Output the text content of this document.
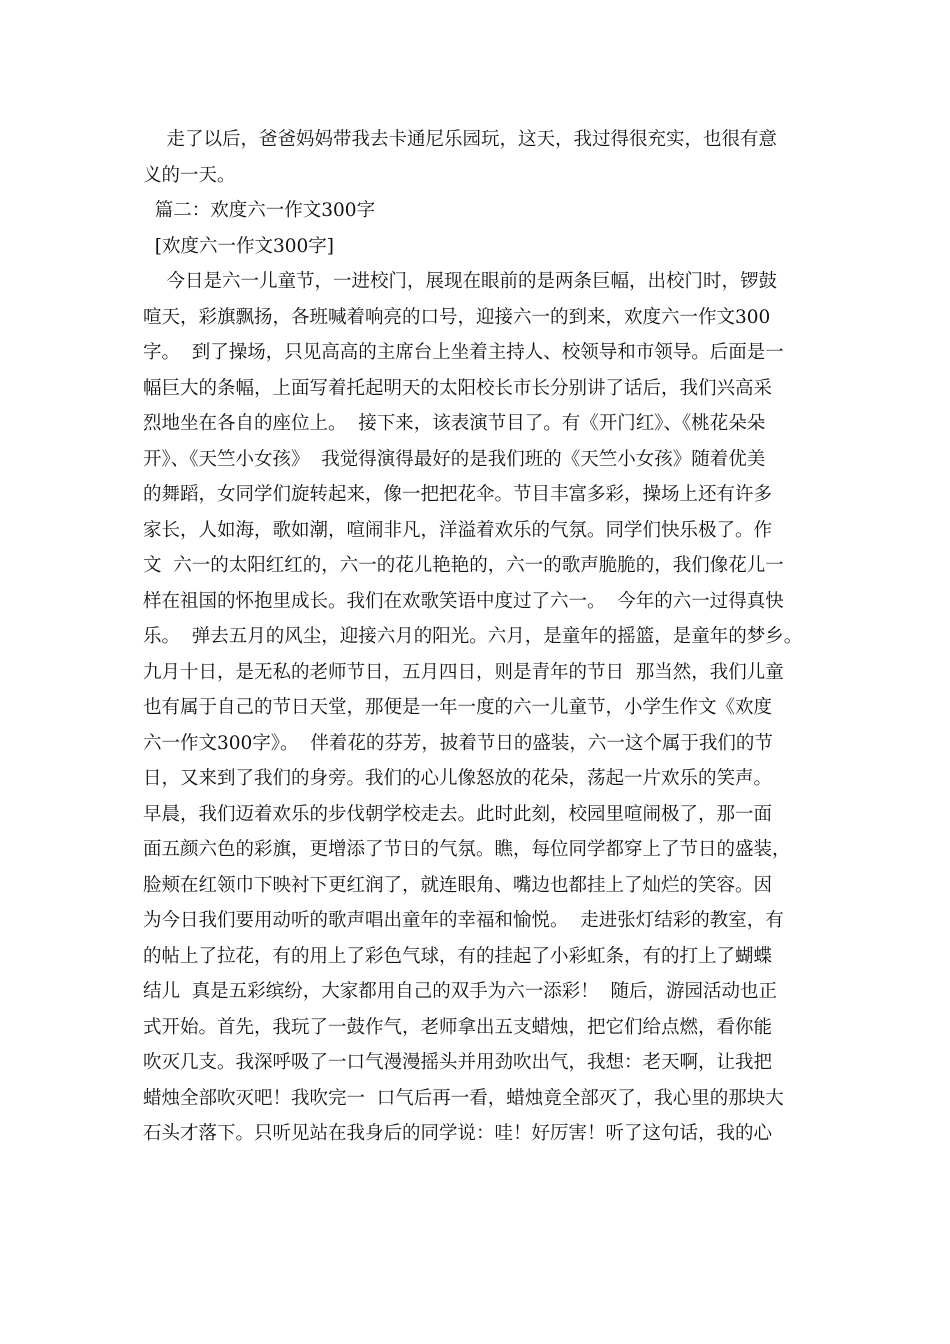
走了以后，爸爸妈妈带我去卡通尼乐园玩，这天，我过得很充实，也很有意
义的一天。
篇二：欢度六一作文300字
[欢度六一作文300字]
今日是六一儿童节，一进校门，展现在眼前的是两条巨幅，出校门时，锣鼓
喧天，彩旗飘扬，各班喊着响亮的口号，迎接六一的到来，欢度六一作文300
字。  到了操场，只见高高的主席台上坐着主持人、校领导和市领导。后面是一
幅巨大的条幅，上面写着托起明天的太阳校长市长分别讲了话后，我们兴高采
烈地坐在各自的座位上。  接下来，该表演节目了。有《开门红》、《桃花朵朵
开》、《天竺小女孩》  我觉得演得最好的是我们班的《天竺小女孩》随着优美
的舞蹈，女同学们旋转起来，像一把把花伞。节目丰富多彩，操场上还有许多
家长，人如海，歌如潮，喧闹非凡，洋溢着欢乐的气氛。同学们快乐极了。作
文  六一的太阳红红的，六一的花儿艳艳的，六一的歌声脆脆的，我们像花儿一
样在祖国的怀抱里成长。我们在欢歌笑语中度过了六一。  今年的六一过得真快
乐。  弹去五月的风尘，迎接六月的阳光。六月，是童年的摇篮，是童年的梦乡。
九月十日，是无私的老师节日，五月四日，则是青年的节日  那当然，我们儿童
也有属于自己的节日天堂，那便是一年一度的六一儿童节，小学生作文《欢度
六一作文300字》。  伴着花的芬芳，披着节日的盛装，六一这个属于我们的节
日，又来到了我们的身旁。我们的心儿像怒放的花朵，荡起一片欢乐的笑声。
早晨，我们迈着欢乐的步伐朝学校走去。此时此刻，校园里喧闹极了，那一面
面五颜六色的彩旗，更增添了节日的气氛。瞧，每位同学都穿上了节日的盛装，
脸颊在红领巾下映衬下更红润了，就连眼角、嘴边也都挂上了灿烂的笑容。因
为今日我们要用动听的歌声唱出童年的幸福和愉悦。  走进张灯结彩的教室，有
的帖上了拉花，有的用上了彩色气球，有的挂起了小彩虹条，有的打上了蝴蝶
结儿  真是五彩缤纷，大家都用自己的双手为六一添彩！  随后，游园活动也正
式开始。首先，我玩了一鼓作气，老师拿出五支蜡烛，把它们给点燃，看你能
吹灭几支。我深呼吸了一口气漫漫摇头并用劲吹出气，我想：老天啊，让我把
蜡烛全部吹灭吧！我吹完一  口气后再一看，蜡烛竟全部灭了，我心里的那块大
石头才落下。只听见站在我身后的同学说：哇！好厉害！听了这句话，我的心
